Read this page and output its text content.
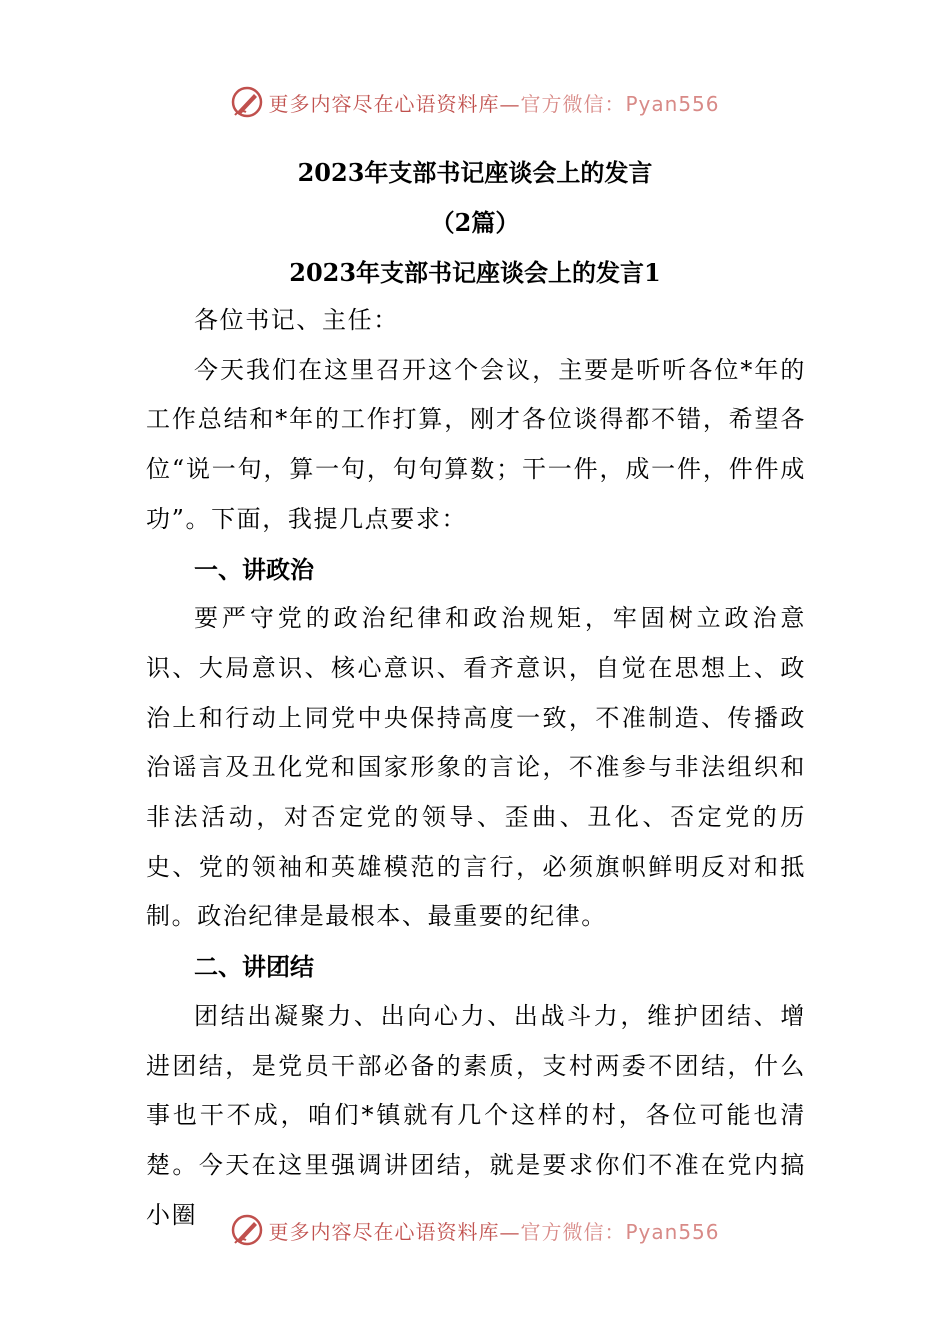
更多内容尽在心语资料库—官方微信：Pyan556
2023年支部书记座谈会上的发言
（2篇）
2023年支部书记座谈会上的发言1

各位书记、主任：

今天我们在这里召开这个会议，主要是听听各位*年的工作总结和*年的工作打算，刚才各位谈得都不错，希望各位“说一句，算一句，句句算数；干一件，成一件，件件成功”。下面，我提几点要求：

一、讲政治

要严守党的政治纪律和政治规矩，牢固树立政治意识、大局意识、核心意识、看齐意识，自觉在思想上、政治上和行动上同党中央保持高度一致，不准制造、传播政治谣言及丑化党和国家形象的言论，不准参与非法组织和非法活动，对否定党的领导、歪曲、丑化、否定党的历史、党的领袖和英雄模范的言行，必须旗帜鲜明反对和抵制。政治纪律是最根本、最重要的纪律。

二、讲团结

团结出凝聚力、出向心力、出战斗力，维护团结、增进团结，是党员干部必备的素质，支村两委不团结，什么事也干不成，咱们*镇就有几个这样的村，各位可能也清楚。今天在这里强调讲团结，就是要求你们不准在党内搞小圈

更多内容尽在心语资料库—官方微信：Pyan556
